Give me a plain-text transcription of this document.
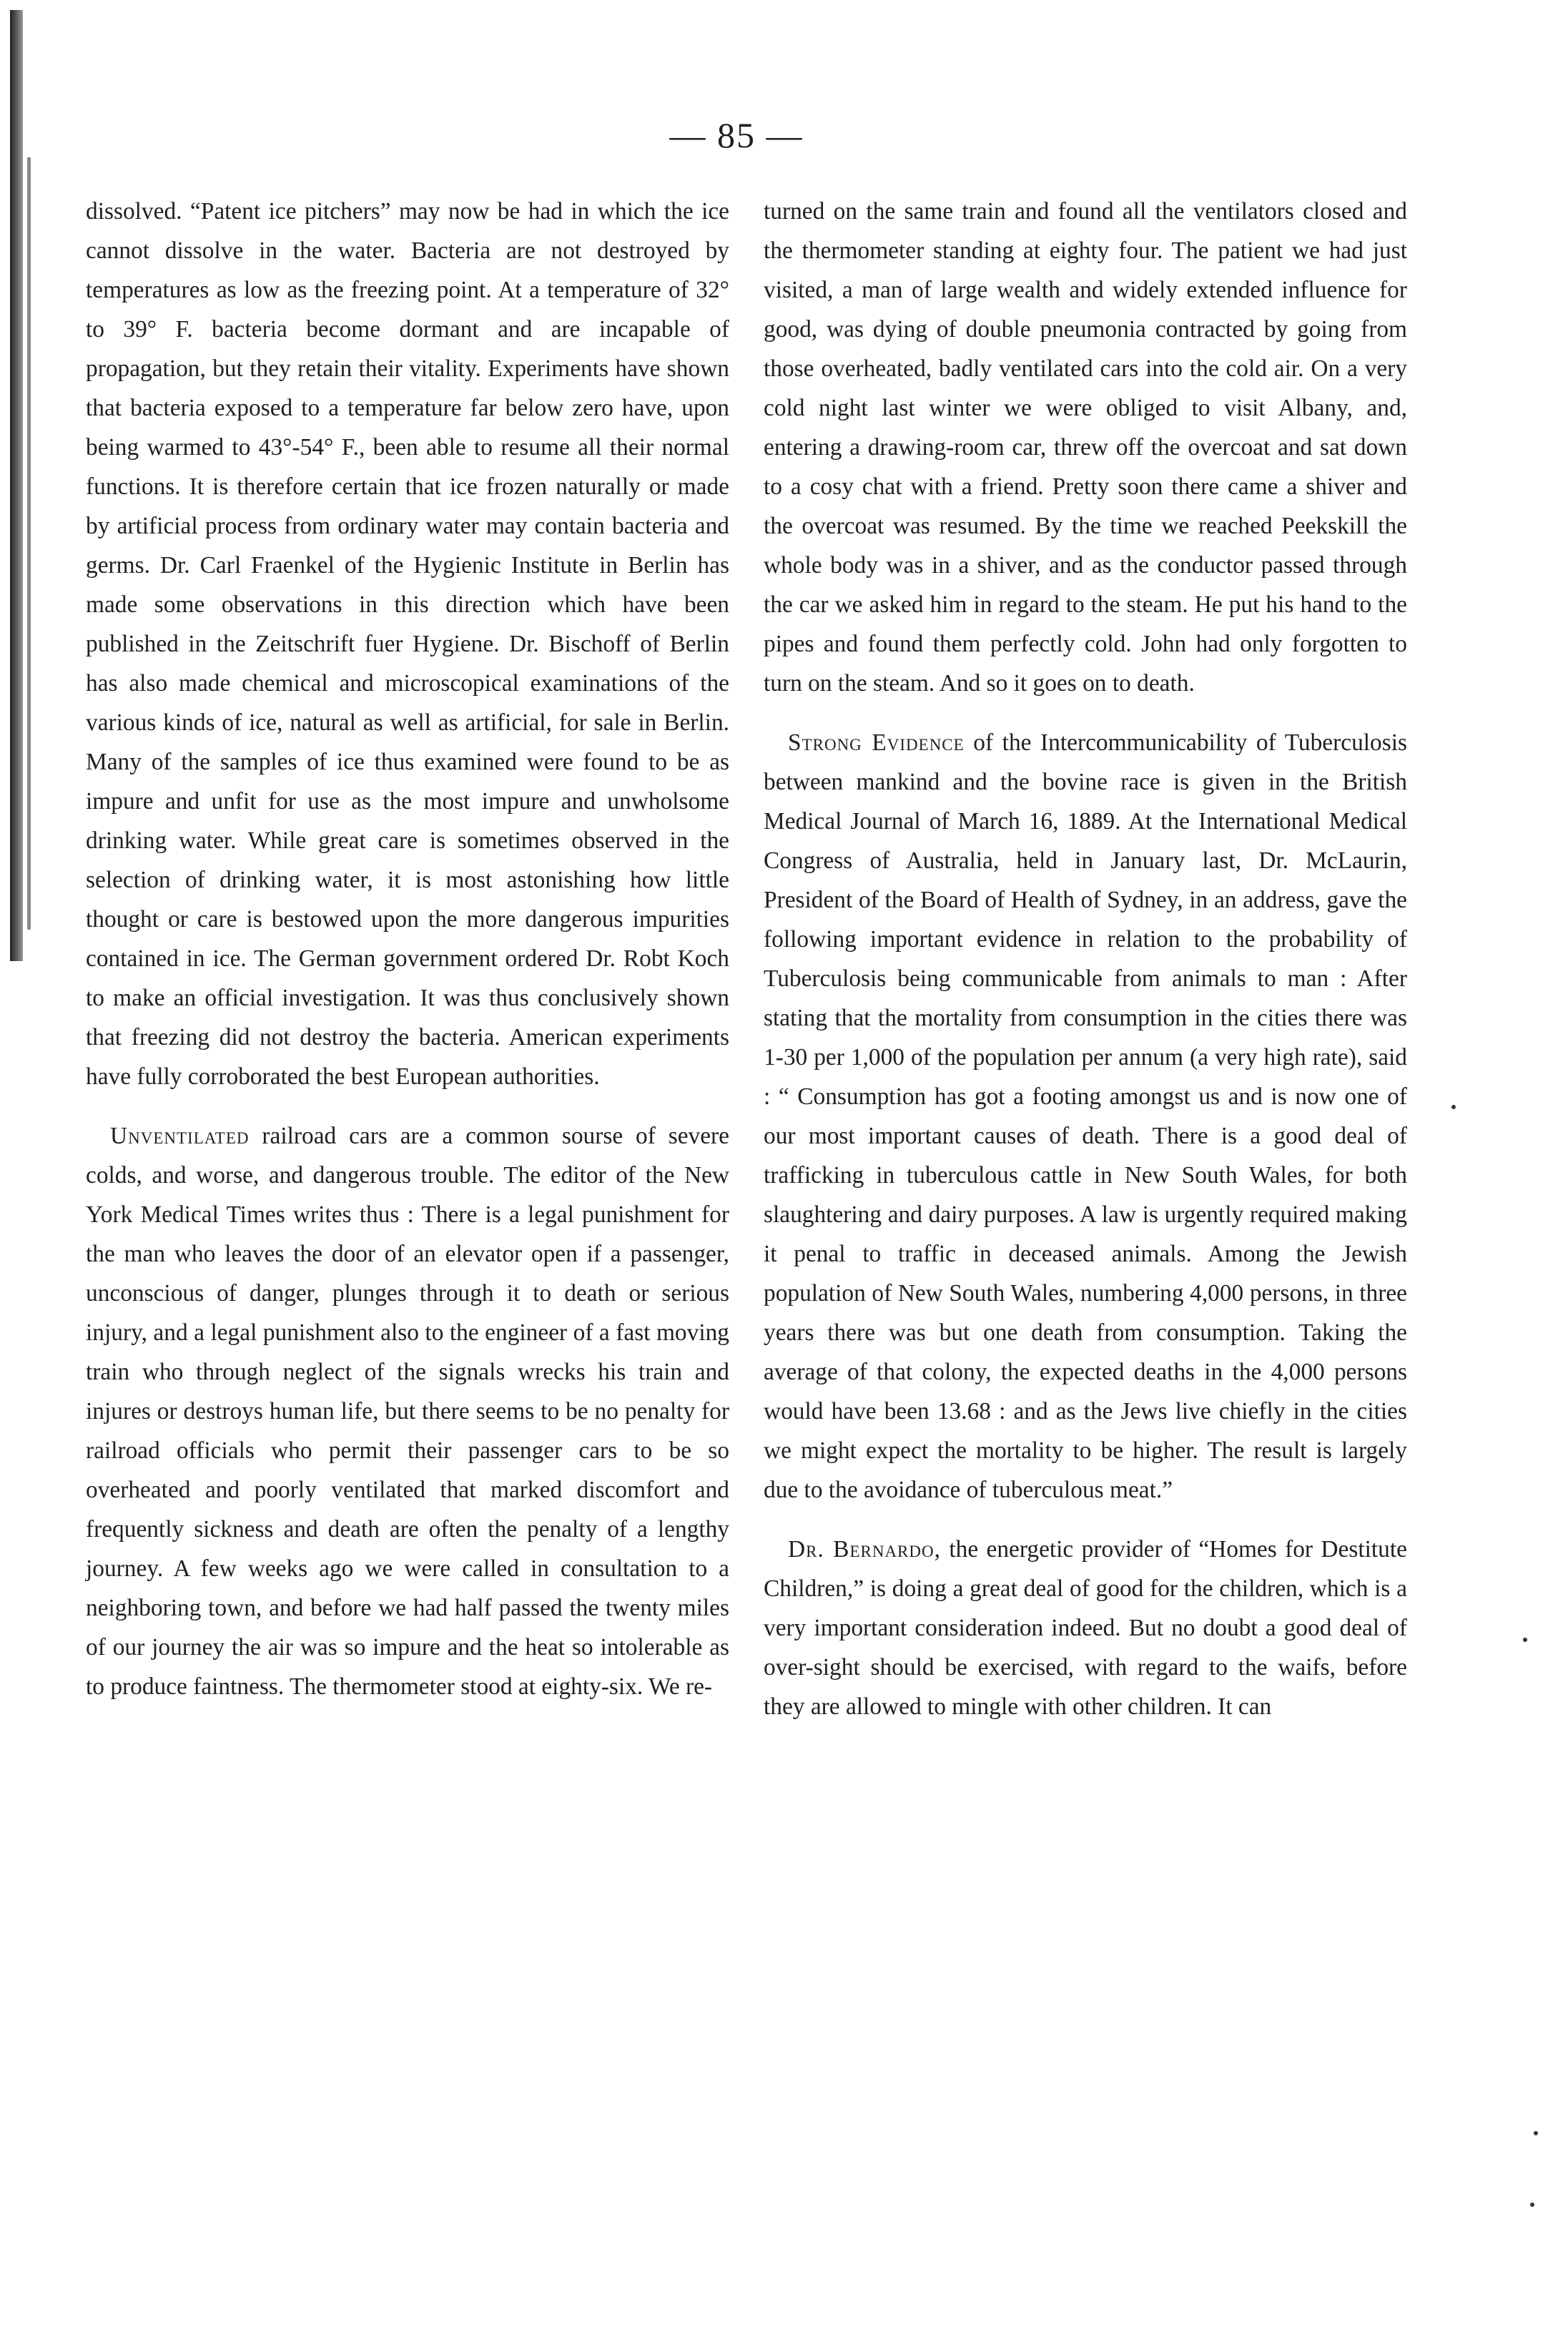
— 85 —

dissolved. “Patent ice pitchers” may now be had in which the ice cannot dissolve in the water. Bacteria are not destroyed by temperatures as low as the freezing point. At a temperature of 32° to 39° F. bacteria become dormant and are incapable of propagation, but they retain their vitality. Experiments have shown that bacteria exposed to a temperature far below zero have, upon being warmed to 43°-54° F., been able to resume all their normal functions. It is therefore certain that ice frozen naturally or made by artificial process from ordinary water may contain bacteria and germs. Dr. Carl Fraenkel of the Hygienic Institute in Berlin has made some observations in this direction which have been published in the Zeitschrift fuer Hygiene. Dr. Bischoff of Berlin has also made chemical and microscopical examinations of the various kinds of ice, natural as well as artificial, for sale in Berlin. Many of the samples of ice thus examined were found to be as impure and unfit for use as the most impure and unwholsome drinking water. While great care is sometimes observed in the selection of drinking water, it is most astonishing how little thought or care is bestowed upon the more dangerous impurities contained in ice. The German government ordered Dr. Robt Koch to make an official investigation. It was thus conclusively shown that freezing did not destroy the bacteria. American experiments have fully corroborated the best European authorities.

Unventilated railroad cars are a common sourse of severe colds, and worse, and dangerous trouble. The editor of the New York Medical Times writes thus : There is a legal punishment for the man who leaves the door of an elevator open if a passenger, unconscious of danger, plunges through it to death or serious injury, and a legal punishment also to the engineer of a fast moving train who through neglect of the signals wrecks his train and injures or destroys human life, but there seems to be no penalty for railroad officials who permit their passenger cars to be so overheated and poorly ventilated that marked discomfort and frequently sickness and death are often the penalty of a lengthy journey. A few weeks ago we were called in consultation to a neighboring town, and before we had half passed the twenty miles of our journey the air was so impure and the heat so intolerable as to produce faintness. The thermometer stood at eighty-six. We re-

turned on the same train and found all the ventilators closed and the thermometer standing at eighty four. The patient we had just visited, a man of large wealth and widely extended influence for good, was dying of double pneumonia contracted by going from those overheated, badly ventilated cars into the cold air. On a very cold night last winter we were obliged to visit Albany, and, entering a drawing-room car, threw off the overcoat and sat down to a cosy chat with a friend. Pretty soon there came a shiver and the overcoat was resumed. By the time we reached Peekskill the whole body was in a shiver, and as the conductor passed through the car we asked him in regard to the steam. He put his hand to the pipes and found them perfectly cold. John had only forgotten to turn on the steam. And so it goes on to death.

Strong Evidence of the Intercommunicability of Tuberculosis between mankind and the bovine race is given in the British Medical Journal of March 16, 1889. At the International Medical Congress of Australia, held in January last, Dr. McLaurin, President of the Board of Health of Sydney, in an address, gave the following important evidence in relation to the probability of Tuberculosis being communicable from animals to man : After stating that the mortality from consumption in the cities there was 1-30 per 1,000 of the population per annum (a very high rate), said : “ Consumption has got a footing amongst us and is now one of our most important causes of death. There is a good deal of trafficking in tuberculous cattle in New South Wales, for both slaughtering and dairy purposes. A law is urgently required making it penal to traffic in deceased animals. Among the Jewish population of New South Wales, numbering 4,000 persons, in three years there was but one death from consumption. Taking the average of that colony, the expected deaths in the 4,000 persons would have been 13.68 : and as the Jews live chiefly in the cities we might expect the mortality to be higher. The result is largely due to the avoidance of tuberculous meat.”

Dr. Bernardo, the energetic provider of “Homes for Destitute Children,” is doing a great deal of good for the children, which is a very important consideration indeed. But no doubt a good deal of over-sight should be exercised, with regard to the waifs, before they are allowed to mingle with other children. It can
